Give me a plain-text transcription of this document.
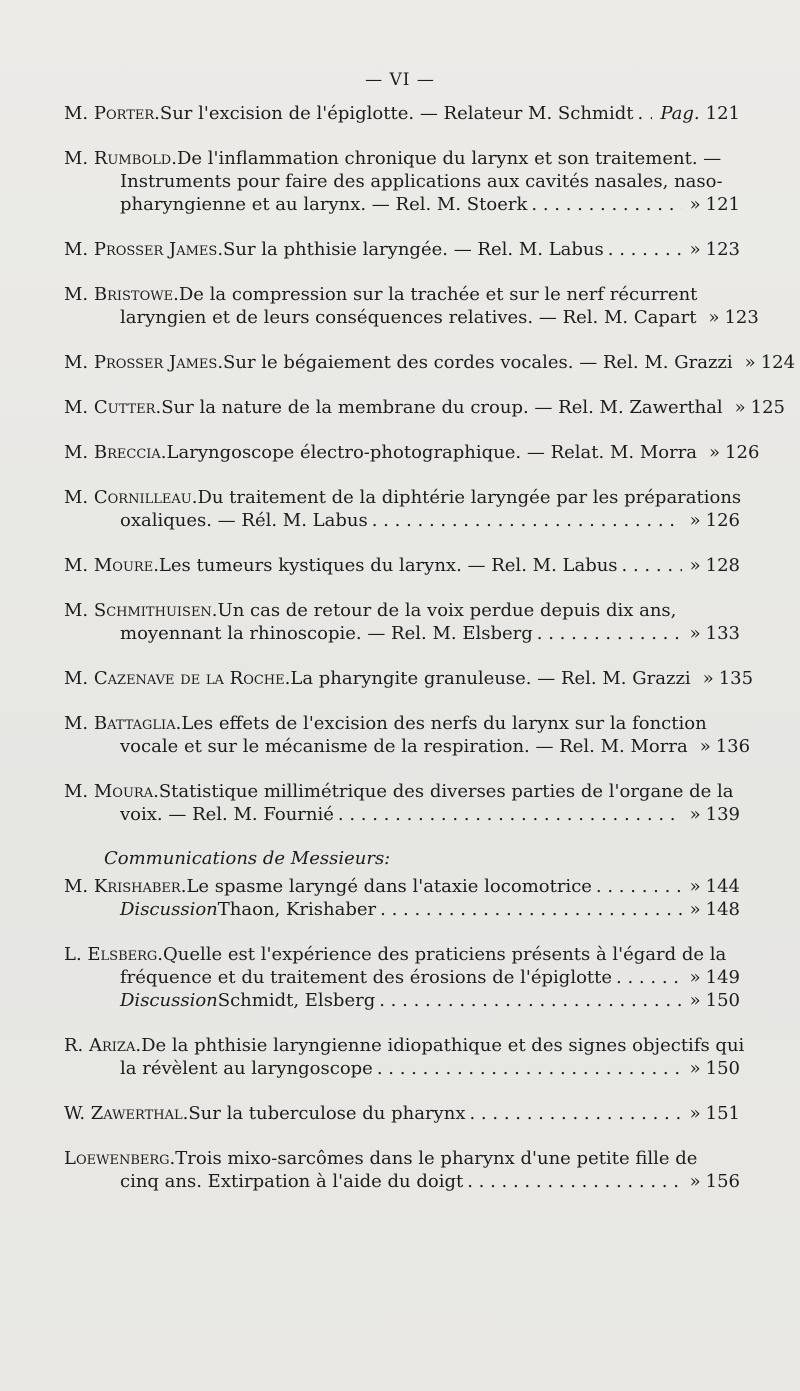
— VI —
M. Porter. Sur l'excision de l'épiglotte. — Relateur M. Schmidt . . . Pag. 121
M. Rumbold. De l'inflammation chronique du larynx et son traitement. —
Instruments pour faire des applications aux cavités nasales, naso-
pharyngienne et au larynx. — Rel. M. Stoerk . . .	» 121
M. Prosser James. Sur la phthisie laryngée. — Rel. M. Labus . . .	» 123
M. Bristowe. De la compression sur la trachée et sur le nerf récurrent
laryngien et de leurs conséquences relatives. — Rel. M. Capart » 123
M. Prosser James. Sur le bégaiement des cordes vocales. — Rel. M. Grazzi » 124
M. Cutter. Sur la nature de la membrane du croup. — Rel. M. Zawerthal » 125
M. Breccia. Laryngoscope électro-photographique. — Relat. M. Morra » 126
M. Cornilleau. Du traitement de la diphtérie laryngée par les préparations
oxaliques. — Rél. M. Labus . . .	» 126
M. Moure. Les tumeurs kystiques du larynx. — Rel. M. Labus . . .	» 128
M. Schmithuisen. Un cas de retour de la voix perdue depuis dix ans,
moyennant la rhinoscopie. — Rel. M. Elsberg . . .	» 133
M. Cazenave de la Roche. La pharyngite granuleuse. — Rel. M. Grazzi » 135
M. Battaglia. Les effets de l'excision des nerfs du larynx sur la fonction
vocale et sur le mécanisme de la respiration. — Rel. M. Morra » 136
M. Moura. Statistique millimétrique des diverses parties de l'organe de la
voix. — Rel. M. Fournié . . .	» 139
Communications de Messieurs:
M. Krishaber. Le spasme laryngé dans l'ataxie locomotrice . . .	» 144
Discussion Thaon, Krishaber . . .	» 148
L. Elsberg. Quelle est l'expérience des praticiens présents à l'égard de la
fréquence et du traitement des érosions de l'épiglotte . . .	» 149
Discussion Schmidt, Elsberg . . .	» 150
R. Ariza. De la phthisie laryngienne idiopathique et des signes objectifs qui
la révèlent au laryngoscope . . .	» 150
W. Zawerthal. Sur la tuberculose du pharynx . . .	» 151
Loewenberg. Trois mixo-sarcômes dans le pharynx d'une petite fille de
cinq ans. Extirpation à l'aide du doigt . . .	» 156
